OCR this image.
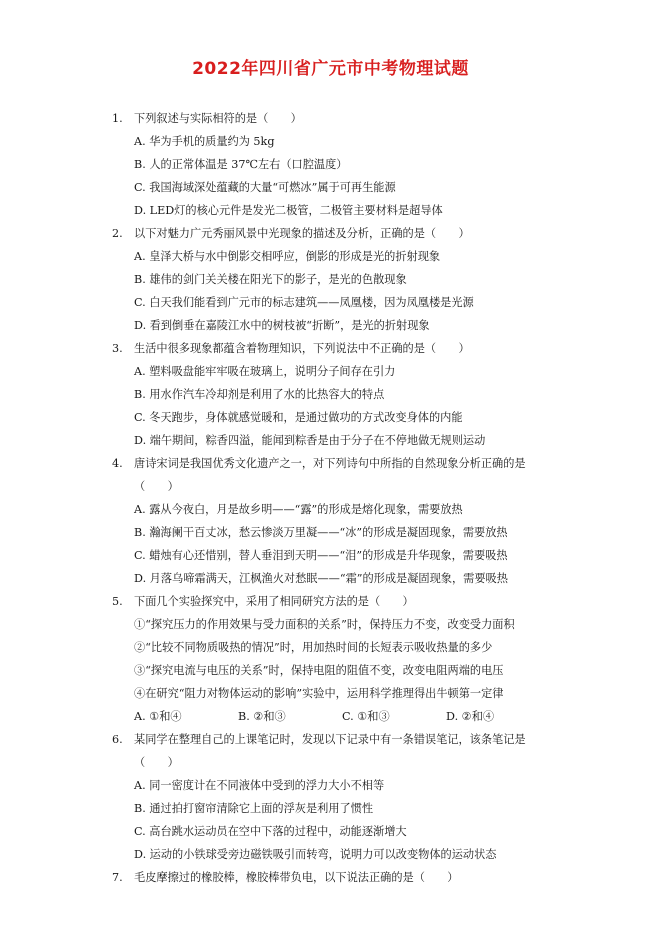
2022年四川省广元市中考物理试题
1. 下列叙述与实际相符的是（　　）
A. 华为手机的质量约为 5kg
B. 人的正常体温是 37℃左右（口腔温度）
C. 我国海域深处蕴藏的大量“可燃冰”属于可再生能源
D. LED灯的核心元件是发光二极管，二极管主要材料是超导体
2. 以下对魅力广元秀丽风景中光现象的描述及分析，正确的是（　　）
A. 皇泽大桥与水中倒影交相呼应，倒影的形成是光的折射现象
B. 雄伟的剑门关关楼在阳光下的影子，是光的色散现象
C. 白天我们能看到广元市的标志建筑——凤凰楼，因为凤凰楼是光源
D. 看到倒垂在嘉陵江水中的树枝被“折断”，是光的折射现象
3. 生活中很多现象都蕴含着物理知识，下列说法中不正确的是（　　）
A. 塑料吸盘能牢牢吸在玻璃上，说明分子间存在引力
B. 用水作汽车冷却剂是利用了水的比热容大的特点
C. 冬天跑步，身体就感觉暖和，是通过做功的方式改变身体的内能
D. 端午期间，粽香四溢，能闻到粽香是由于分子在不停地做无规则运动
4. 唐诗宋词是我国优秀文化遗产之一，对下列诗句中所指的自然现象分析正确的是
（　　）
A. 露从今夜白，月是故乡明——“露”的形成是熔化现象，需要放热
B. 瀚海阑干百丈冰，愁云惨淡万里凝——“冰”的形成是凝固现象，需要放热
C. 蜡烛有心还惜别，替人垂泪到天明——“泪”的形成是升华现象，需要吸热
D. 月落乌啼霜满天，江枫渔火对愁眠——“霜”的形成是凝固现象，需要吸热
5. 下面几个实验探究中，采用了相同研究方法的是（　　）
①“探究压力的作用效果与受力面积的关系”时，保持压力不变，改变受力面积
②“比较不同物质吸热的情况”时，用加热时间的长短表示吸收热量的多少
③“探究电流与电压的关系”时，保持电阻的阻值不变，改变电阻两端的电压
④在研究“阻力对物体运动的影响”实验中，运用科学推理得出牛顿第一定律
A. ①和④	B. ②和③	C. ①和③	D. ②和④
6. 某同学在整理自己的上课笔记时，发现以下记录中有一条错误笔记，该条笔记是
（　　）
A. 同一密度计在不同液体中受到的浮力大小不相等
B. 通过拍打窗帘清除它上面的浮灰是利用了惯性
C. 高台跳水运动员在空中下落的过程中，动能逐渐增大
D. 运动的小铁球受旁边磁铁吸引而转弯，说明力可以改变物体的运动状态
7. 毛皮摩擦过的橡胶棒，橡胶棒带负电，以下说法正确的是（　　）
